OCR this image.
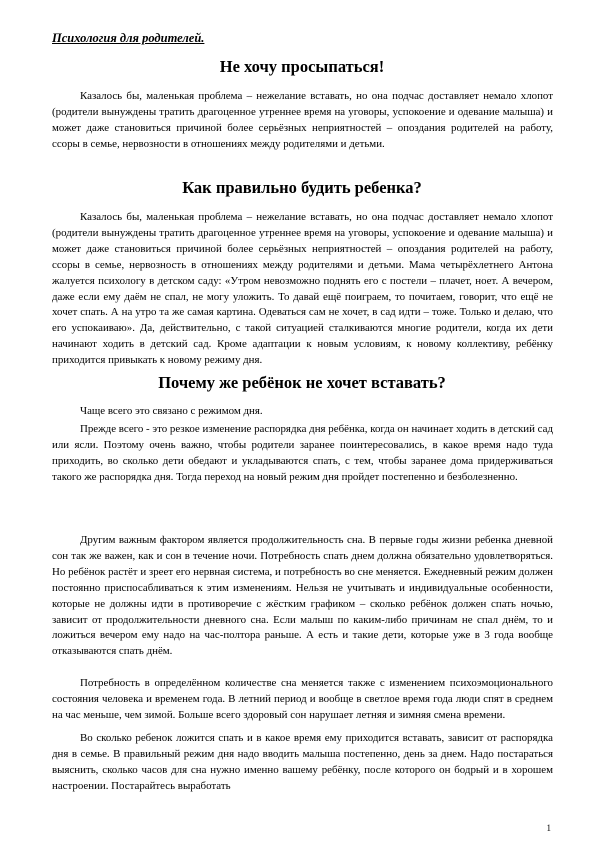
Психология для родителей.
Не хочу просыпаться!

Казалось бы, маленькая проблема – нежелание вставать, но она подчас доставляет немало хлопот (родители вынуждены тратить драгоценное утреннее время на уговоры, успокоение и одевание малыша) и может даже становиться причиной более серьёзных неприятностей – опоздания родителей на работу, ссоры в семье, нервозности в отношениях между родителями и детьми.

Как правильно будить ребенка?

Казалось бы, маленькая проблема – нежелание вставать, но она подчас доставляет немало хлопот (родители вынуждены тратить драгоценное утреннее время на уговоры, успокоение и одевание малыша) и может даже становиться причиной более серьёзных неприятностей – опоздания родителей на работу, ссоры в семье, нервозность в отношениях между родителями и детьми. Мама четырёхлетнего Антона жалуется психологу в детском саду: «Утром невозможно поднять его с постели – плачет, ноет. А вечером, даже если ему даём не спал, не могу уложить. То давай ещё поиграем, то почитаем, говорит, что ещё не хочет спать. А на утро та же самая картина. Одеваться сам не хочет, в сад идти – тоже. Только и делаю, что его успокаиваю». Да, действительно, с такой ситуацией сталкиваются многие родители, когда их дети начинают ходить в детский сад. Кроме адаптации к новым условиям, к новому коллективу, ребёнку приходится привыкать к новому режиму дня.

Почему же ребёнок не хочет вставать?

Чаще всего это связано с режимом дня.

Прежде всего - это резкое изменение распорядка дня ребёнка, когда он начинает ходить в детский сад или ясли. Поэтому очень важно, чтобы родители заранее поинтересовались, в какое время надо туда приходить, во сколько дети обедают и укладываются спать, с тем, чтобы заранее дома придерживаться такого же распорядка дня. Тогда переход на новый режим дня пройдет постепенно и безболезненно.

Другим важным фактором является продолжительность сна. В первые годы жизни ребенка дневной сон так же важен, как и сон в течение ночи. Потребность спать днем должна обязательно удовлетворяться. Но ребёнок растёт и зреет его нервная система, и потребность во сне меняется. Ежедневный режим должен постоянно приспосабливаться к этим изменениям. Нельзя не учитывать и индивидуальные особенности, которые не должны идти в противоречие с жёстким графиком – сколько ребёнок должен спать ночью, зависит от продолжительности дневного сна. Если малыш по каким-либо причинам не спал днём, то и ложиться вечером ему надо на час-полтора раньше. А есть и такие дети, которые уже в 3 года вообще отказываются спать днём.

Потребность в определённом количестве сна меняется также с изменением психоэмоционального состояния человека и временем года. В летний период и вообще в светлое время года люди спят в среднем на час меньше, чем зимой. Больше всего здоровый сон нарушает летняя и зимняя смена времени.

Во сколько ребенок ложится спать и в какое время ему приходится вставать, зависит от распорядка дня в семье. В правильный режим дня надо вводить малыша постепенно, день за днем. Надо постараться выяснить, сколько часов для сна нужно именно вашему ребёнку, после которого он бодрый и в хорошем настроении. Постарайтесь выработать

1
